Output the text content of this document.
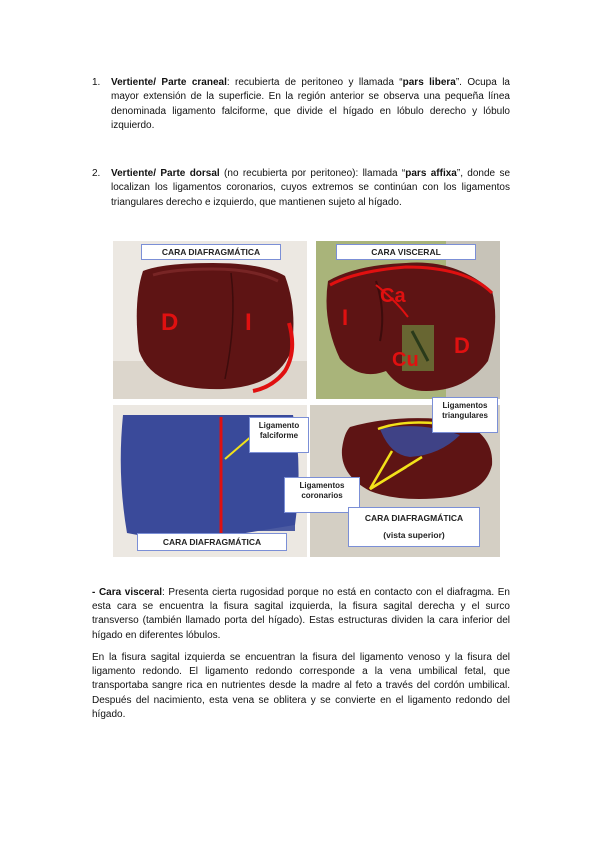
1. Vertiente/ Parte craneal: recubierta de peritoneo y llamada “pars libera”. Ocupa la mayor extensión de la superficie. En la región anterior se observa una pequeña línea denominada ligamento falciforme, que divide el hígado en lóbulo derecho y lóbulo izquierdo.
2. Vertiente/ Parte dorsal (no recubierta por peritoneo): llamada “pars affixa”, donde se localizan los ligamentos coronarios, cuyos extremos se continúan con los ligamentos triangulares derecho e izquierdo, que mantienen sujeto al hígado.
CARA DIAFRAGMÁTICA
D	I
CARA VISCERAL
I
Ca
Cu
D
CARA DIAFRAGMÁTICA
Ligamento
falciforme
Ligamentos
triangulares
Ligamentos
coronarios
CARA DIAFRAGMÁTICA
(vista superior)
- Cara visceral: Presenta cierta rugosidad porque no está en contacto con el diafragma. En esta cara se encuentra la fisura sagital izquierda, la fisura sagital derecha y el surco transverso (también llamado porta del hígado). Estas estructuras dividen la cara inferior del hígado en diferentes lóbulos.
En la fisura sagital izquierda se encuentran la fisura del ligamento venoso y la fisura del ligamento redondo. El ligamento redondo corresponde a la vena umbilical fetal, que transportaba sangre rica en nutrientes desde la madre al feto a través del cordón umbilical. Después del nacimiento, esta vena se oblitera y se convierte en el ligamento redondo del hígado.
